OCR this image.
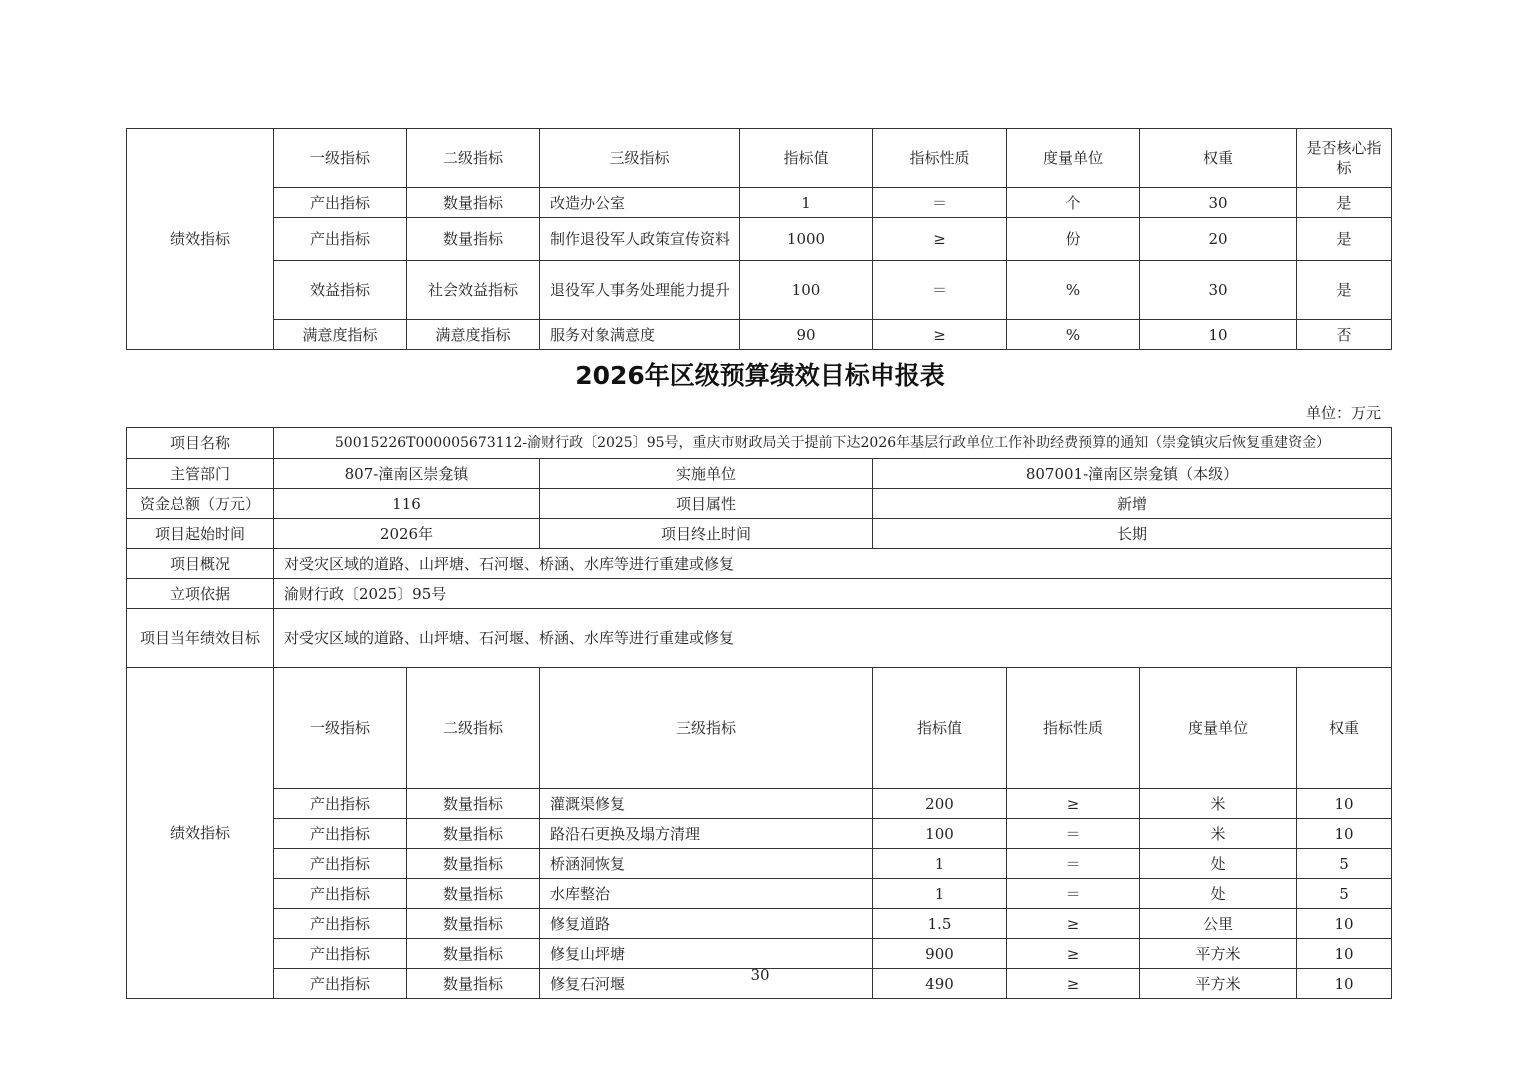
绩效指标	一级指标	二级指标	三级指标	指标值	指标性质	度量单位	权重	是否核心指标
	产出指标	数量指标	改造办公室	1	＝	个	30	是
	产出指标	数量指标	制作退役军人政策宣传资料	1000	≥	份	20	是
	效益指标	社会效益指标	退役军人事务处理能力提升	100	＝	%	30	是
	满意度指标	满意度指标	服务对象满意度	90	≥	%	10	否
2026年区级预算绩效目标申报表
单位：万元
项目名称	50015226T000005673112-渝财行政〔2025〕95号，重庆市财政局关于提前下达2026年基层行政单位工作补助经费预算的通知（崇龛镇灾后恢复重建资金）							
主管部门	807-潼南区崇龛镇		实施单位	807001-潼南区崇龛镇（本级）				
资金总额（万元）	116		项目属性	新增				
项目起始时间	2026年		项目终止时间	长期				
项目概况	对受灾区域的道路、山坪塘、石河堰、桥涵、水库等进行重建或修复							
立项依据	渝财行政〔2025〕95号							
项目当年绩效目标	对受灾区域的道路、山坪塘、石河堰、桥涵、水库等进行重建或修复							
绩效指标	一级指标	二级指标	三级指标	指标值	指标性质	度量单位	权重	
	产出指标	数量指标	灌溉渠修复	200	≥	米	10	
	产出指标	数量指标	路沿石更换及塌方清理	100	＝	米	10	
	产出指标	数量指标	桥涵洞恢复	1	＝	处	5	
	产出指标	数量指标	水库整治	1	＝	处	5	
	产出指标	数量指标	修复道路	1.5	≥	公里	10	
	产出指标	数量指标	修复山坪塘	900	≥	平方米	10	
	产出指标	数量指标	修复石河堰	490	≥	平方米	10	
30
